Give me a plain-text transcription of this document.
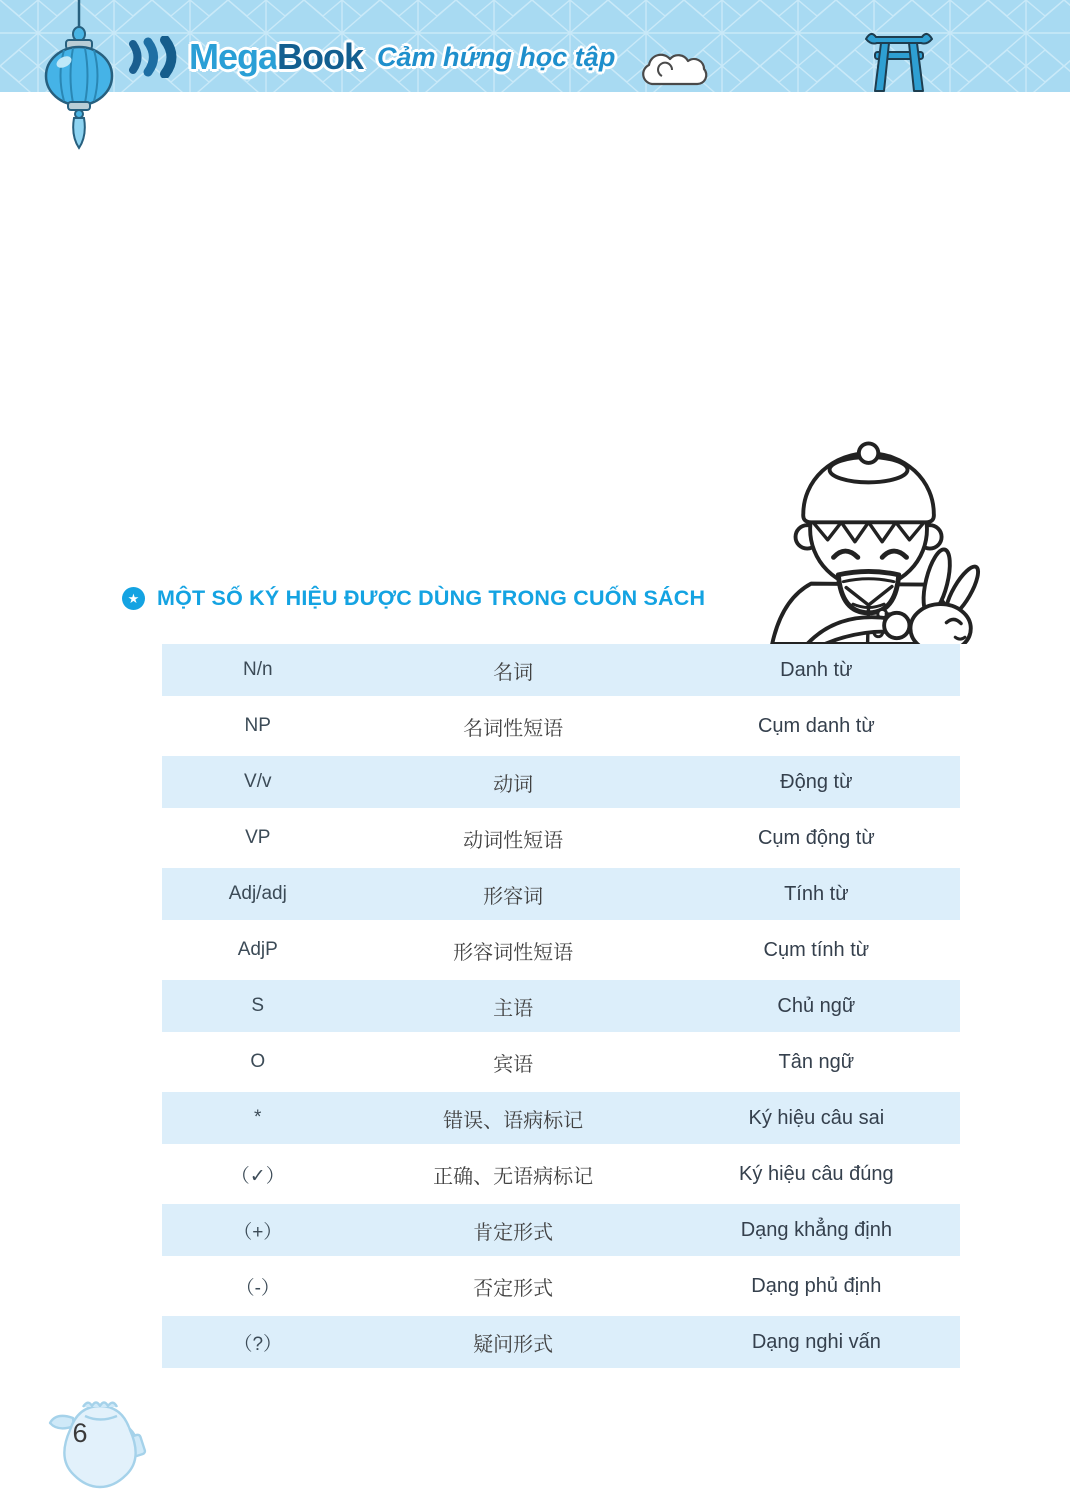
MegaBook Cảm hứng học tập
★ MỘT SỐ KÝ HIỆU ĐƯỢC DÙNG TRONG CUỐN SÁCH
N/n	名词	Danh từ
NP	名词性短语	Cụm danh từ
V/v	动词	Động từ
VP	动词性短语	Cụm động từ
Adj/adj	形容词	Tính từ
AdjP	形容词性短语	Cụm tính từ
S	主语	Chủ ngữ
O	宾语	Tân ngữ
*	错误、语病标记	Ký hiệu câu sai
（✓）	正确、无语病标记	Ký hiệu câu đúng
（+）	肯定形式	Dạng khẳng định
（-）	否定形式	Dạng phủ định
（?）	疑问形式	Dạng nghi vấn
6
